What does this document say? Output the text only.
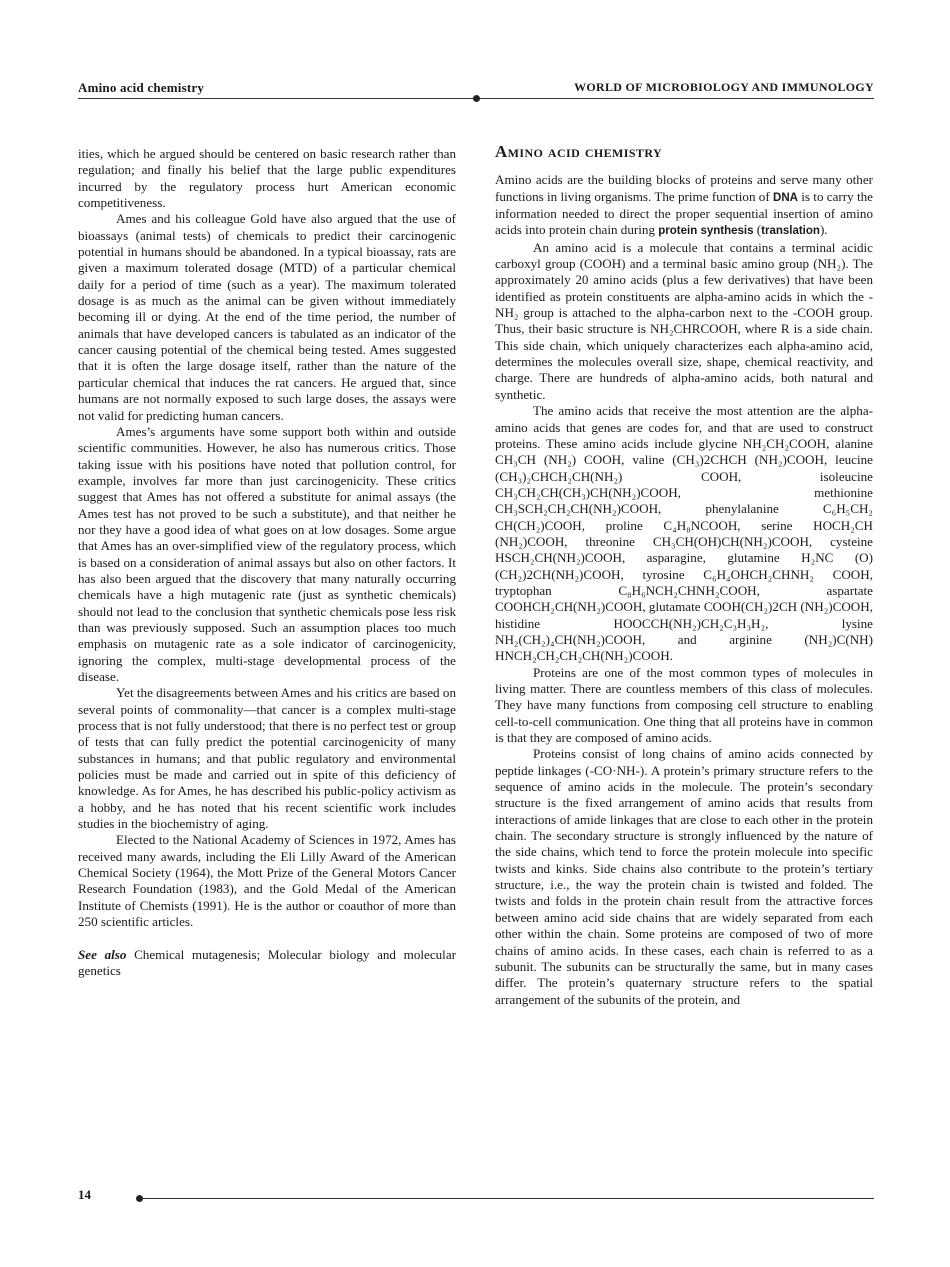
Amino acid chemistry	WORLD OF MICROBIOLOGY AND IMMUNOLOGY

ities, which he argued should be centered on basic research rather than regulation; and finally his belief that the large public expenditures incurred by the regulatory process hurt American economic competitiveness.

Ames and his colleague Gold have also argued that the use of bioassays (animal tests) of chemicals to predict their carcinogenic potential in humans should be abandoned. In a typical bioassay, rats are given a maximum tolerated dosage (MTD) of a particular chemical daily for a period of time (such as a year). The maximum tolerated dosage is as much as the animal can be given without immediately becoming ill or dying. At the end of the time period, the number of animals that have developed cancers is tabulated as an indicator of the cancer causing potential of the chemical being tested. Ames suggested that it is often the large dosage itself, rather than the nature of the particular chemical that induces the rat cancers. He argued that, since humans are not normally exposed to such large doses, the assays were not valid for predicting human cancers.

Ames’s arguments have some support both within and outside scientific communities. However, he also has numerous critics. Those taking issue with his positions have noted that pollution control, for example, involves far more than just carcinogenicity. These critics suggest that Ames has not offered a substitute for animal assays (the Ames test has not proved to be such a substitute), and that neither he nor they have a good idea of what goes on at low dosages. Some argue that Ames has an over-simplified view of the regulatory process, which is based on a consideration of animal assays but also on other factors. It has also been argued that the discovery that many naturally occurring chemicals have a high mutagenic rate (just as synthetic chemicals) should not lead to the conclusion that synthetic chemicals pose less risk than was previously supposed. Such an assumption places too much emphasis on mutagenic rate as a sole indicator of carcinogenicity, ignoring the complex, multi-stage developmental process of the disease.

Yet the disagreements between Ames and his critics are based on several points of commonality—that cancer is a complex multi-stage process that is not fully understood; that there is no perfect test or group of tests that can fully predict the potential carcinogenicity of many substances in humans; and that public regulatory and environmental policies must be made and carried out in spite of this deficiency of knowledge. As for Ames, he has described his public-policy activism as a hobby, and he has noted that his recent scientific work includes studies in the biochemistry of aging.

Elected to the National Academy of Sciences in 1972, Ames has received many awards, including the Eli Lilly Award of the American Chemical Society (1964), the Mott Prize of the General Motors Cancer Research Foundation (1983), and the Gold Medal of the American Institute of Chemists (1991). He is the author or coauthor of more than 250 scientific articles.

See also Chemical mutagenesis; Molecular biology and molecular genetics

Amino acid chemistry

Amino acids are the building blocks of proteins and serve many other functions in living organisms. The prime function of DNA is to carry the information needed to direct the proper sequential insertion of amino acids into protein chain during protein synthesis (translation).

An amino acid is a molecule that contains a terminal acidic carboxyl group (COOH) and a terminal basic amino group (NH₂). The approximately 20 amino acids (plus a few derivatives) that have been identified as protein constituents are alpha-amino acids in which the -NH₂ group is attached to the alpha-carbon next to the -COOH group. Thus, their basic structure is NH₂CHRCOOH, where R is a side chain. This side chain, which uniquely characterizes each alpha-amino acid, determines the molecules overall size, shape, chemical reactivity, and charge. There are hundreds of alpha-amino acids, both natural and synthetic.

The amino acids that receive the most attention are the alpha-amino acids that genes are codes for, and that are used to construct proteins. These amino acids include glycine NH₂CH₂COOH, alanine CH₃CH (NH₂) COOH, valine (CH₃)2CHCH (NH₂)COOH, leucine (CH₃)₂CHCH₂CH(NH₂) COOH, isoleucine CH₃CH₂CH(CH₃)CH(NH₂)COOH, methionine CH₃SCH₂CH₂CH(NH₂)COOH, phenylalanine C₆H₅CH₂ CH(CH₂)COOH, proline C₄H₈NCOOH, serine HOCH₂CH (NH₂)COOH, threonine CH₃CH(OH)CH(NH₂)COOH, cysteine HSCH₂CH(NH₂)COOH, asparagine, glutamine H₂NC (O)(CH₂)2CH(NH₂)COOH, tyrosine C₆H₄OHCH₂CHNH₂ COOH, tryptophan C₈H₆NCH₂CHNH₂COOH, aspartate COOHCH₂CH(NH₂)COOH, glutamate COOH(CH₂)2CH (NH₂)COOH, histidine HOOCCH(NH₂)CH₂C₃H₃H₂, lysine NH₂(CH₂)₄CH(NH₂)COOH, and arginine (NH₂)C(NH) HNCH₂CH₂CH₂CH(NH₂)COOH.

Proteins are one of the most common types of molecules in living matter. There are countless members of this class of molecules. They have many functions from composing cell structure to enabling cell-to-cell communication. One thing that all proteins have in common is that they are composed of amino acids.

Proteins consist of long chains of amino acids connected by peptide linkages (-CO·NH-). A protein’s primary structure refers to the sequence of amino acids in the molecule. The protein’s secondary structure is the fixed arrangement of amino acids that results from interactions of amide linkages that are close to each other in the protein chain. The secondary structure is strongly influenced by the nature of the side chains, which tend to force the protein molecule into specific twists and kinks. Side chains also contribute to the protein’s tertiary structure, i.e., the way the protein chain is twisted and folded. The twists and folds in the protein chain result from the attractive forces between amino acid side chains that are widely separated from each other within the chain. Some proteins are composed of two of more chains of amino acids. In these cases, each chain is referred to as a subunit. The subunits can be structurally the same, but in many cases differ. The protein’s quaternary structure refers to the spatial arrangement of the subunits of the protein, and

14
